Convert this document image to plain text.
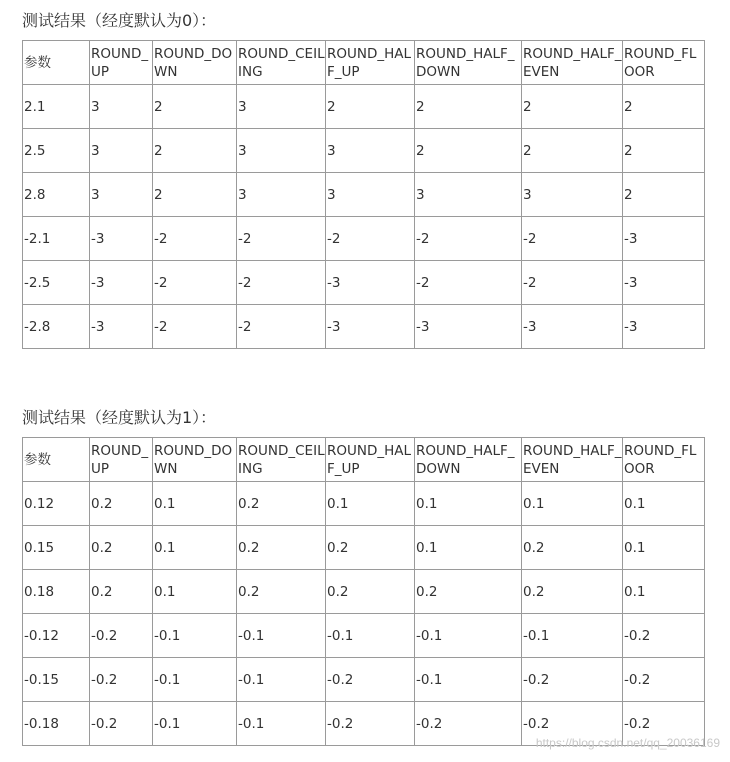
测试结果（经度默认为0）：
参数	ROUND_UP	ROUND_DOWN	ROUND_CEILING	ROUND_HALF_UP	ROUND_HALF_DOWN	ROUND_HALF_EVEN	ROUND_FLOOR
2.1	3	2	3	2	2	2	2
2.5	3	2	3	3	2	2	2
2.8	3	2	3	3	3	3	2
-2.1	-3	-2	-2	-2	-2	-2	-3
-2.5	-3	-2	-2	-3	-2	-2	-3
-2.8	-3	-2	-2	-3	-3	-3	-3
测试结果（经度默认为1）：
参数	ROUND_UP	ROUND_DOWN	ROUND_CEILING	ROUND_HALF_UP	ROUND_HALF_DOWN	ROUND_HALF_EVEN	ROUND_FLOOR
0.12	0.2	0.1	0.2	0.1	0.1	0.1	0.1
0.15	0.2	0.1	0.2	0.2	0.1	0.2	0.1
0.18	0.2	0.1	0.2	0.2	0.2	0.2	0.1
-0.12	-0.2	-0.1	-0.1	-0.1	-0.1	-0.1	-0.2
-0.15	-0.2	-0.1	-0.1	-0.2	-0.1	-0.2	-0.2
-0.18	-0.2	-0.1	-0.1	-0.2	-0.2	-0.2	-0.2
https://blog.csdn.net/qq_20036169
